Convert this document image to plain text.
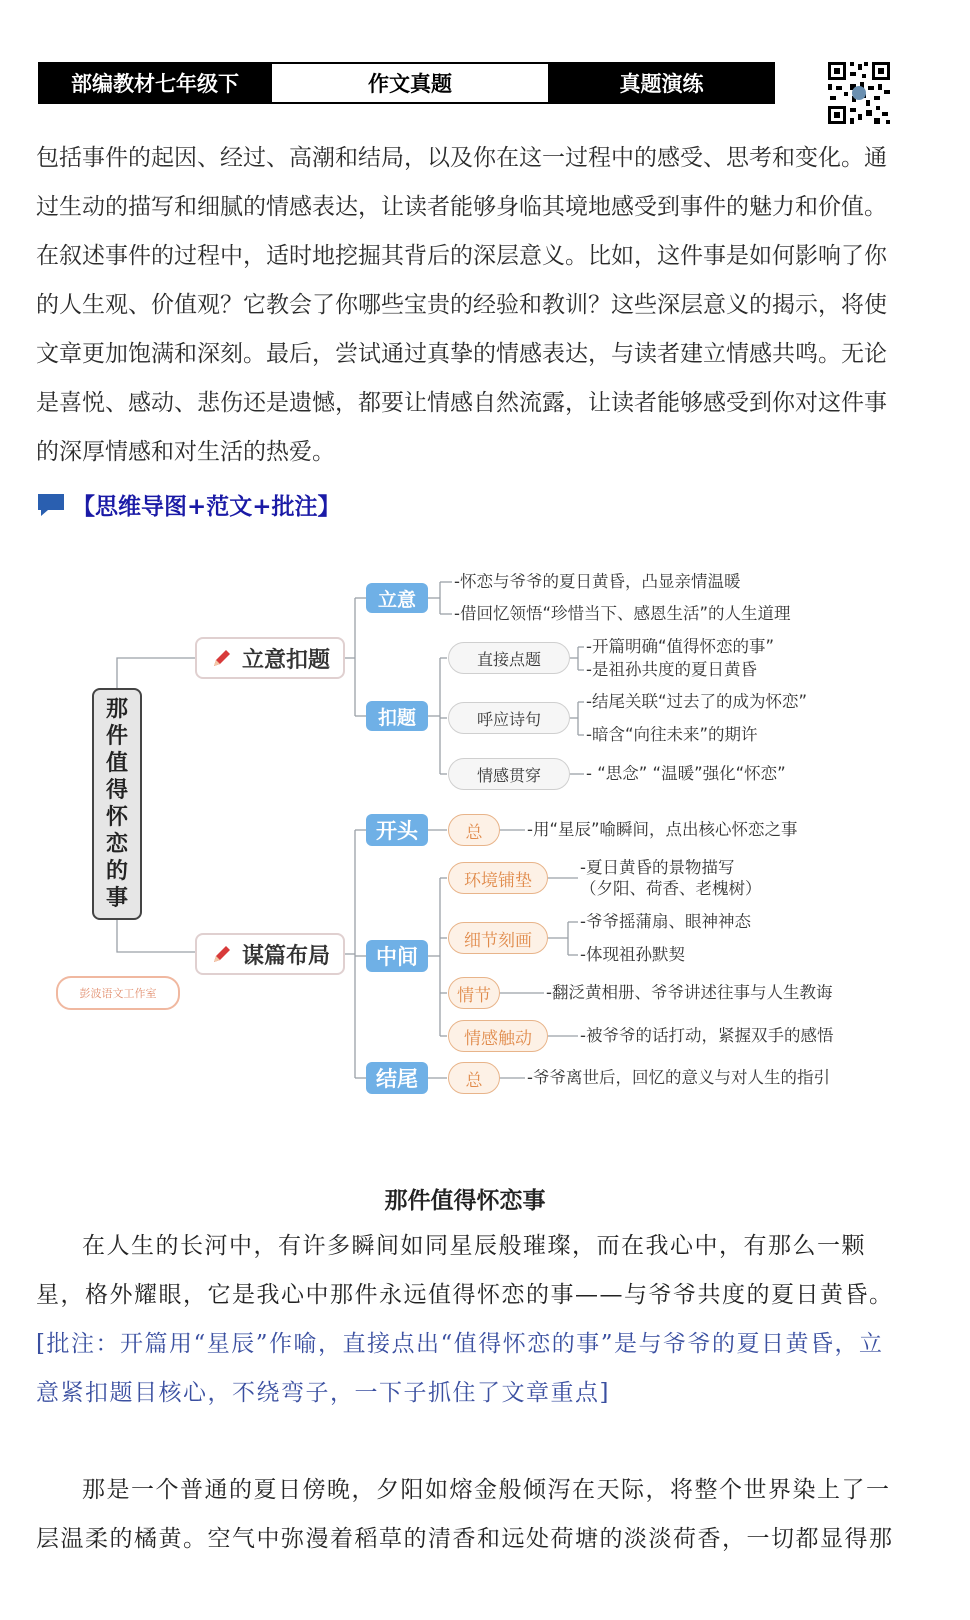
部编教材七年级下	作文真题	真题演练

包括事件的起因、经过、高潮和结局，以及你在这一过程中的感受、思考和变化。通过生动的描写和细腻的情感表达，让读者能够身临其境地感受到事件的魅力和价值。在叙述事件的过程中，适时地挖掘其背后的深层意义。比如，这件事是如何影响了你的人生观、价值观？它教会了你哪些宝贵的经验和教训？这些深层意义的揭示，将使文章更加饱满和深刻。最后，尝试通过真挚的情感表达，与读者建立情感共鸣。无论是喜悦、感动、悲伤还是遗憾，都要让情感自然流露，让读者能够感受到你对这件事的深厚情感和对生活的热爱。

【思维导图+范文+批注】
那
件
值
得
怀
恋
的
事
立意扣题
立意
-怀恋与爷爷的夏日黄昏，凸显亲情温暖
-借回忆领悟“珍惜当下、感恩生活”的人生道理
扣题
直接点题
-开篇明确“值得怀恋的事”
-是祖孙共度的夏日黄昏
呼应诗句
-结尾关联“过去了的成为怀恋”
-暗含“向往未来”的期许
情感贯穿	- “思念” “温暖”强化“怀恋”
谋篇布局
开头	总	-用“星辰”喻瞬间，点出核心怀恋之事
中间
环境铺垫
-夏日黄昏的景物描写
（夕阳、荷香、老槐树）
细节刻画
-爷爷摇蒲扇、眼神神态
-体现祖孙默契
情节	-翻泛黄相册、爷爷讲述往事与人生教诲
情感触动	-被爷爷的话打动，紧握双手的感悟
结尾	总	-爷爷离世后，回忆的意义与对人生的指引
彭波语文工作室
那件值得怀恋事

在人生的长河中，有许多瞬间如同星辰般璀璨，而在我心中，有那么一颗星，格外耀眼，它是我心中那件永远值得怀恋的事——与爷爷共度的夏日黄昏。[批注：开篇用“星辰”作喻，直接点出“值得怀恋的事”是与爷爷的夏日黄昏，立意紧扣题目核心，不绕弯子，一下子抓住了文章重点]

那是一个普通的夏日傍晚，夕阳如熔金般倾泻在天际，将整个世界染上了一层温柔的橘黄。空气中弥漫着稻草的清香和远处荷塘的淡淡荷香，一切都显得那
